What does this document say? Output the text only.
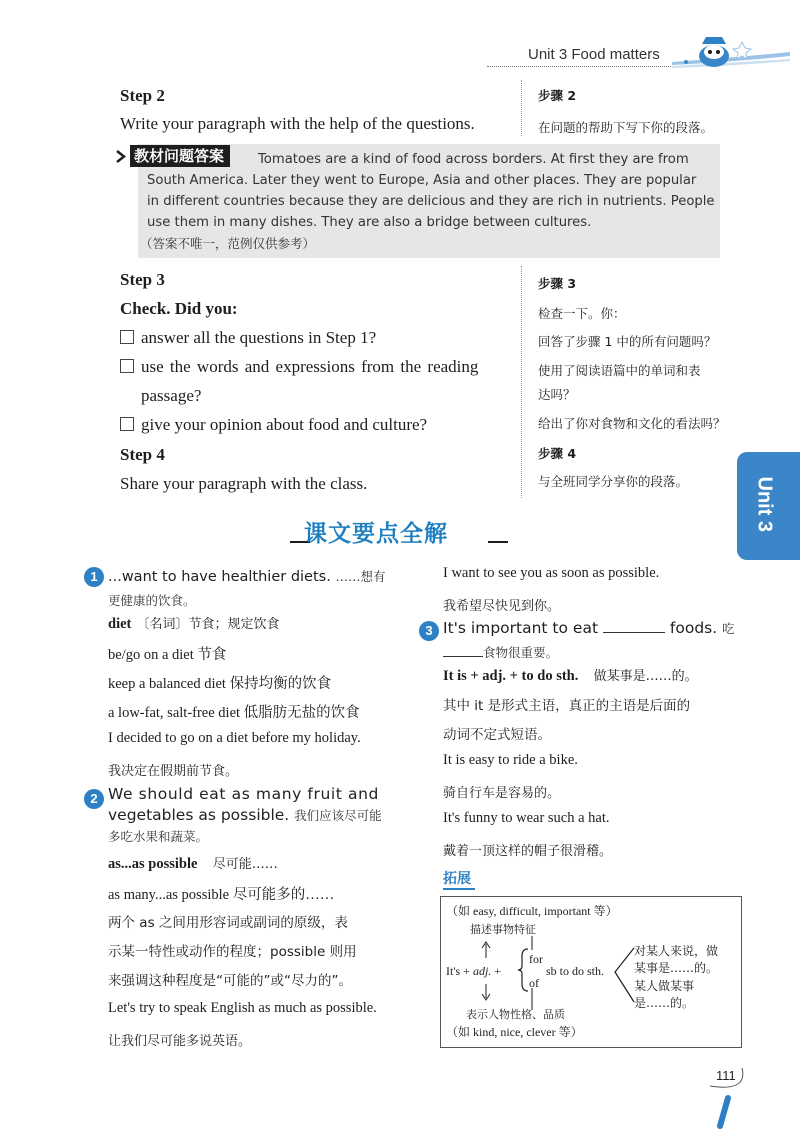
Unit 3 Food matters
Step 2
Write your paragraph with the help of the questions.
步骤 2
在问题的帮助下写下你的段落。
教材问题答案	Tomatoes are a kind of food across borders. At first they are from
South America. Later they went to Europe, Asia and other places. They are popular
in different countries because they are delicious and they are rich in nutrients. People
use them in many dishes. They are also a bridge between cultures.
（答案不唯一，范例仅供参考）
Step 3
Check. Did you:
answer all the questions in Step 1?
use the words and expressions from the reading
passage?
give your opinion about food and culture?
步骤 3
检查一下。你：
回答了步骤 1 中的所有问题吗？
使用了阅读语篇中的单词和表
达吗？
给出了你对食物和文化的看法吗？
Step 4
Share your paragraph with the class.
步骤 4
与全班同学分享你的段落。	Unit 3
课文要点全解
1 ...want to have healthier diets. ……想有
更健康的饮食。
diet 〔名词〕节食；规定饮食
be/go on a diet 节食
keep a balanced diet 保持均衡的饮食
a low-fat, salt-free diet 低脂肪无盐的饮食
I decided to go on a diet before my holiday.
我决定在假期前节食。
2 We should eat as many fruit and
vegetables as possible. 我们应该尽可能
多吃水果和蔬菜。
as...as possible 尽可能……
as many...as possible 尽可能多的……
两个 as 之间用形容词或副词的原级，表
示某一特性或动作的程度；possible 则用
来强调这种程度是“可能的”或“尽力的”。
Let's try to speak English as much as possible.
让我们尽可能多说英语。
I want to see you as soon as possible.
我希望尽快见到你。
3 It's important to eat	foods. 吃
食物很重要。
It is + adj. + to do sth. 做某事是……的。
其中 it 是形式主语，真正的主语是后面的
动词不定式短语。
It is easy to ride a bike.
骑自行车是容易的。
It's funny to wear such a hat.
戴着一顶这样的帽子很滑稽。
拓展
（如 easy, difficult, important 等）
描述事物特征
It's + adj. +
for
of
sb to do sth.
对某人来说，做
某事是……的。
某人做某事
是……的。
表示人物性格、品质
（如 kind, nice, clever 等）
111
